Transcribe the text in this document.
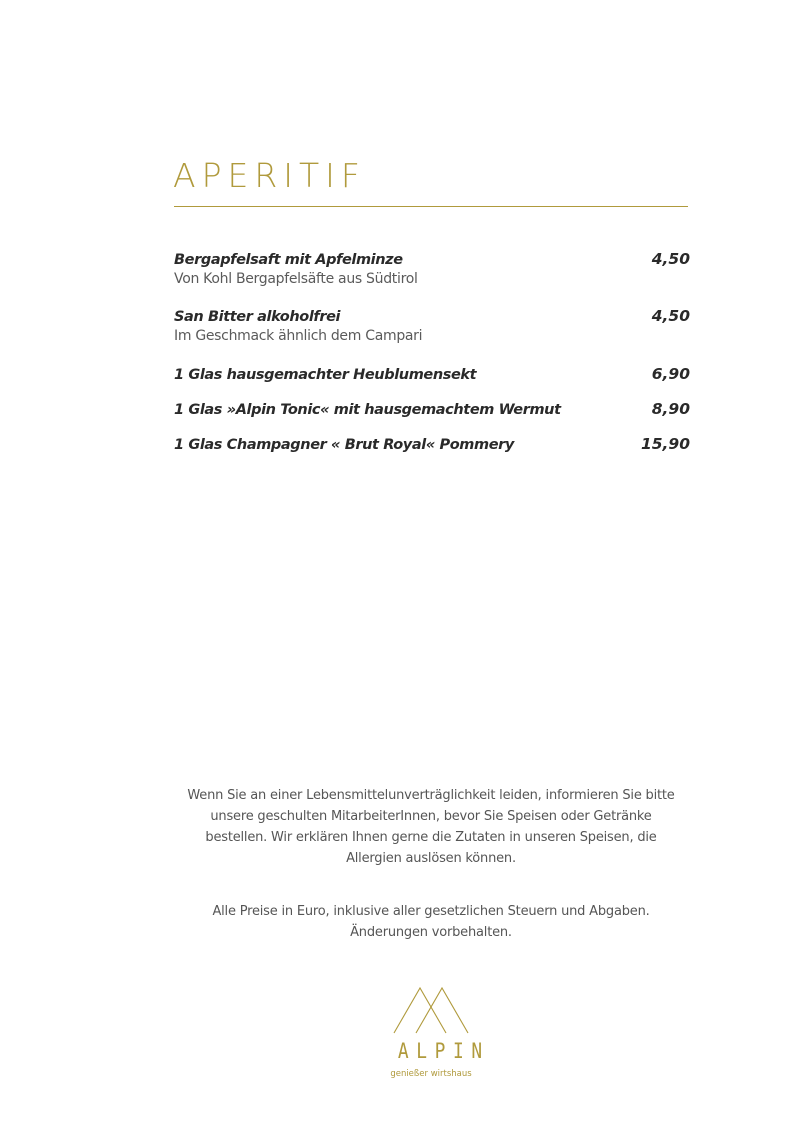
APERITIF
Bergapfelsaft mit Apfelminze	4,50
Von Kohl Bergapfelsäfte aus Südtirol
San Bitter alkoholfrei	4,50
Im Geschmack ähnlich dem Campari
1 Glas hausgemachter Heublumensekt	6,90
1 Glas »Alpin Tonic« mit hausgemachtem Wermut	8,90
1 Glas Champagner « Brut Royal« Pommery	15,90
Wenn Sie an einer Lebensmittelunverträglichkeit leiden, informieren Sie bitte
unsere geschulten MitarbeiterInnen, bevor Sie Speisen oder Getränke
bestellen. Wir erklären Ihnen gerne die Zutaten in unseren Speisen, die
Allergien auslösen können.
Alle Preise in Euro, inklusive aller gesetzlichen Steuern und Abgaben.
Änderungen vorbehalten.
ALPIN
genießer wirtshaus
